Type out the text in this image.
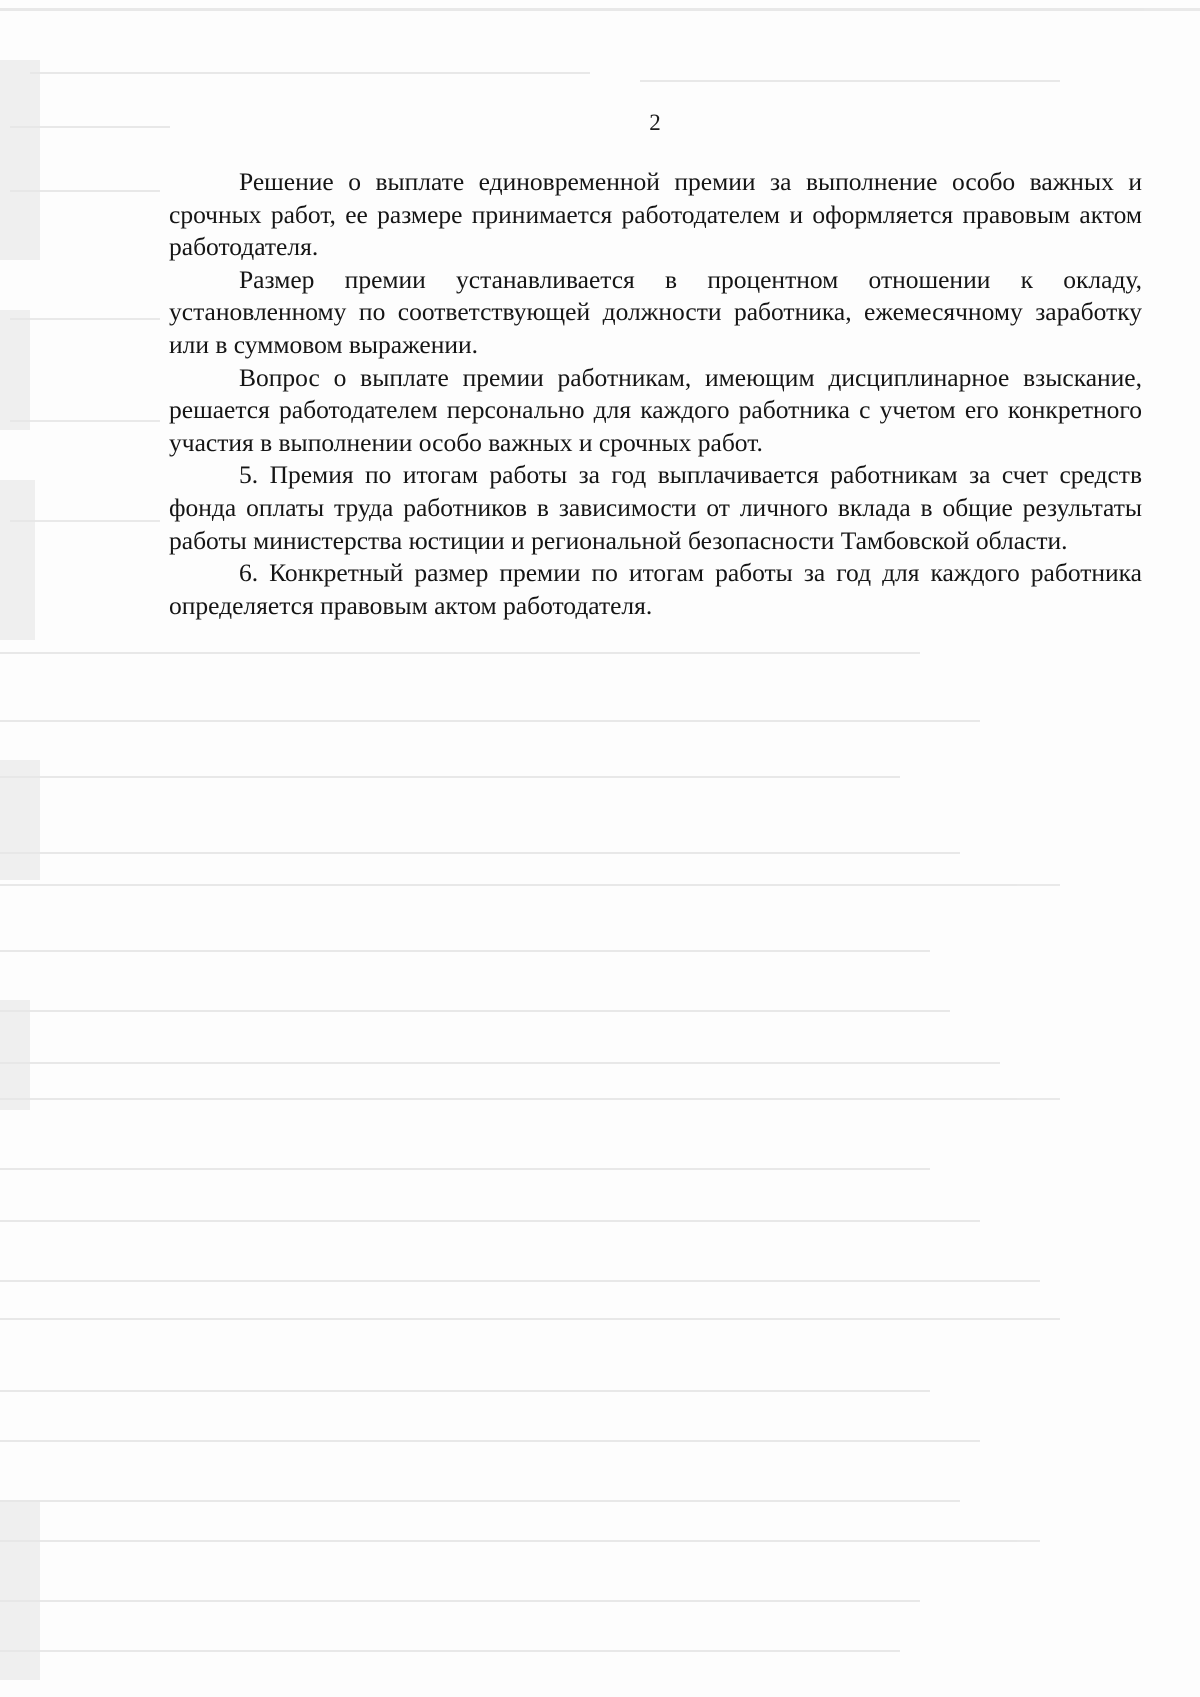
2

Решение о выплате единовременной премии за выполнение особо важных и срочных работ, ее размере принимается работодателем и оформляется правовым актом работодателя.

Размер премии устанавливается в процентном отношении к окладу, установленному по соответствующей должности работника, ежемесячному заработку или в суммовом выражении.

Вопрос о выплате премии работникам, имеющим дисциплинарное взыскание, решается работодателем персонально для каждого работника с учетом его конкретного участия в выполнении особо важных и срочных работ.

5. Премия по итогам работы за год выплачивается работникам за счет средств фонда оплаты труда работников в зависимости от личного вклада в общие результаты работы министерства юстиции и региональной безопасности Тамбовской области.

6. Конкретный размер премии по итогам работы за год для каждого работника определяется правовым актом работодателя.
